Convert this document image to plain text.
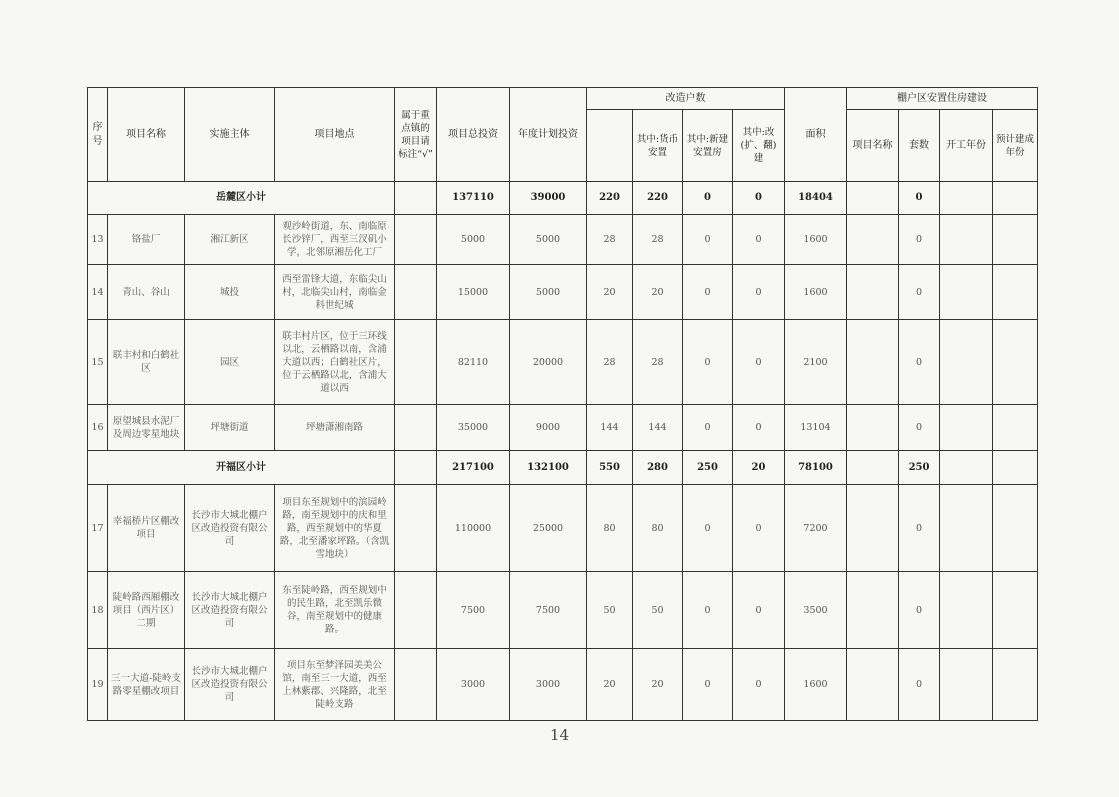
序号	项目名称	实施主体	项目地点	属于重点镇的项目请标注“√”	项目总投资	年度计划投资	改造户数				面积	棚户区安置住房建设			
								其中:货币安置	其中:新建安置房	其中:改(扩、翻)建		项目名称	套数	开工年份	预计建成年份
岳麓区小计					137110	39000	220	220	0	0	18404		0		
13	铬盐厂	湘江新区	观沙岭街道，东、南临原长沙锌厂，西至三汊矶小学，北邻原湘岳化工厂		5000	5000	28	28	0	0	1600		0		
14	青山、谷山	城投	西至雷锋大道，东临尖山村，北临尖山村，南临金科世纪城		15000	5000	20	20	0	0	1600		0		
15	联丰村和白鹤社区	园区	联丰村片区，位于三环线以北，云栖路以南，含浦大道以西；白鹤社区片，位于云栖路以北，含浦大道以西		82110	20000	28	28	0	0	2100		0		
16	原望城县水泥厂及周边零星地块	坪塘街道	坪塘潇湘南路		35000	9000	144	144	0	0	13104		0		
开福区小计					217100	132100	550	280	250	20	78100		250		
17	幸福桥片区棚改项目	长沙市大城北棚户区改造投资有限公司	项目东至规划中的滨园岭路，南至规划中的庆和里路，西至规划中的华夏路，北至潘家坪路。（含凯雪地块）		110000	25000	80	80	0	0	7200		0		
18	陡岭路西厢棚改项目（西片区）二期	长沙市大城北棚户区改造投资有限公司	东至陡岭路，西至规划中的民生路，北至凯乐微谷，南至规划中的健康路。		7500	7500	50	50	0	0	3500		0		
19	三一大道-陡岭支路零星棚改项目	长沙市大城北棚户区改造投资有限公司	项目东至梦泽园美美公馆，南至三一大道，西至上林紫郡、兴隆路，北至陡岭支路		3000	3000	20	20	0	0	1600		0		
14
